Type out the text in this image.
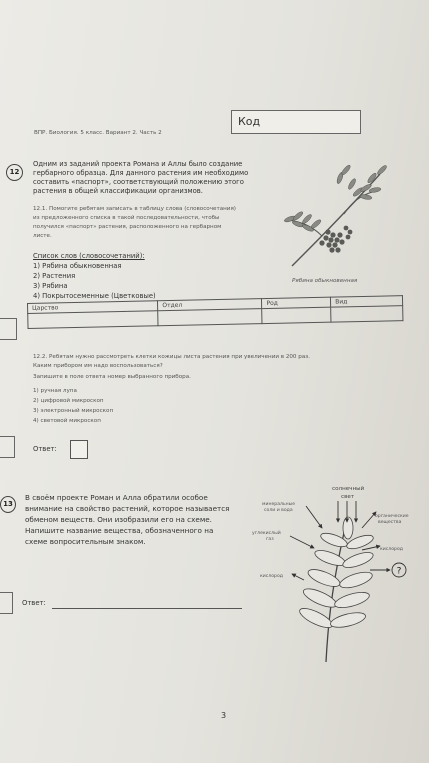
ВПР. Биология. 5 класс. Вариант 2. Часть 2
Код
12
Одним из заданий проекта Романа и Аллы было создание
гербарного образца. Для данного растения им необходимо
составить «паспорт», соответствующий положению этого
растения в общей классификации организмов.
12.1. Помогите ребятам записать в таблицу слова (словосочетания)
из предложенного списка в такой последовательности, чтобы
получился «паспорт» растения, расположенного на гербарном
листе.
Рябина обыкновенная
Список слов (словосочетаний):
1) Рябина обыкновенная
2) Растения
3) Рябина
4) Покрытосеменные (Цветковые)
Царство	Отдел	Род	Вид

12.2. Ребятам нужно рассмотреть клетки кожицы листа растения при увеличении в 200 раз.
Каким прибором им надо воспользоваться?
Запишите в поле ответа номер выбранного прибора.
1) ручная лупа
2) цифровой микроскоп
3) электронный микроскоп
4) световой микроскоп
Ответ:
13
В своём проекте Роман и Алла обратили особое
внимание на свойство растений, которое называется
обменом веществ. Они изобразили его на схеме.
Напишите название вещества, обозначенного на
схеме вопросительным знаком.
Ответ:
?
солнечный
свет
минеральные
соли и вода
органические
вещества
углекислый
газ
кислород
кислород
3
